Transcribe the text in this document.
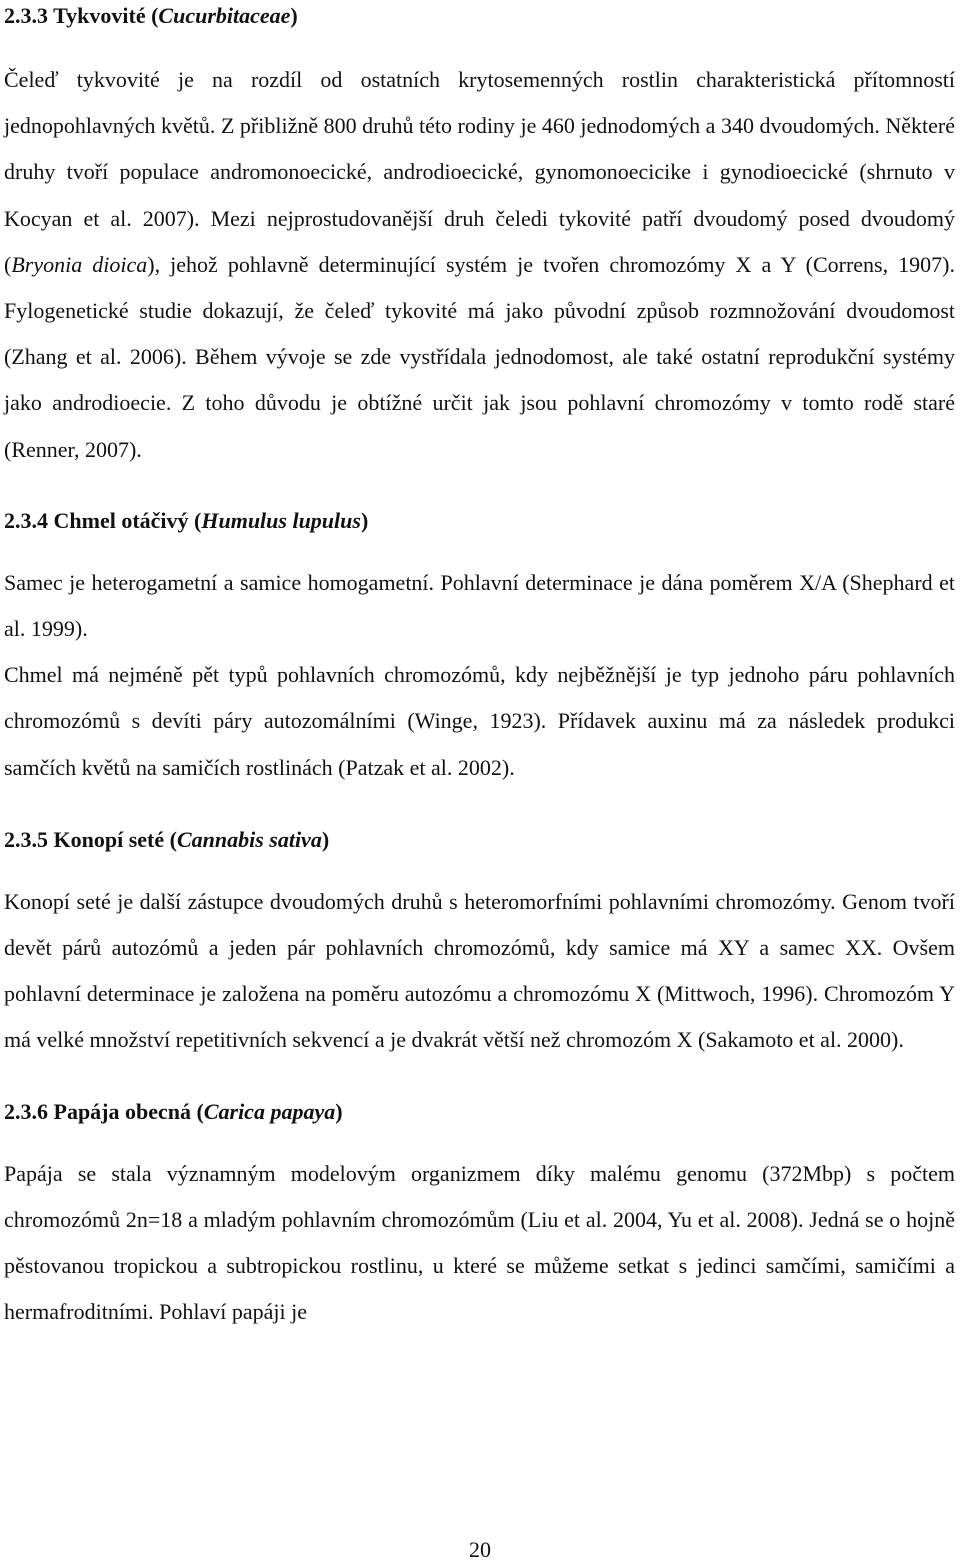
2.3.3 Tykvovité (Cucurbitaceae)

Čeleď tykvovité je na rozdíl od ostatních krytosemenných rostlin charakteristická přítomností jednopohlavných květů. Z přibližně 800 druhů této rodiny je 460 jednodomých a 340 dvoudomých. Některé druhy tvoří populace andromonoecické, androdioecické, gynomonoecicike i gynodioecické (shrnuto v Kocyan et al. 2007). Mezi nejprostudovanější druh čeledi tykovité patří dvoudomý posed dvoudomý (Bryonia dioica), jehož pohlavně determinující systém je tvořen chromozómy X a Y (Correns, 1907). Fylogenetické studie dokazují, že čeleď tykovité má jako původní způsob rozmnožování dvoudomost (Zhang et al. 2006). Během vývoje se zde vystřídala jednodomost, ale také ostatní reprodukční systémy jako androdioecie. Z toho důvodu je obtížné určit jak jsou pohlavní chromozómy v tomto rodě staré (Renner, 2007).

2.3.4 Chmel otáčivý (Humulus lupulus)

Samec je heterogametní a samice homogametní. Pohlavní determinace je dána poměrem X/A (Shephard et al. 1999).

Chmel má nejméně pět typů pohlavních chromozómů, kdy nejběžnější je typ jednoho páru pohlavních chromozómů s devíti páry autozomálními (Winge, 1923). Přídavek auxinu má za následek produkci samčích květů na samičích rostlinách (Patzak et al. 2002).

2.3.5 Konopí seté (Cannabis sativa)

Konopí seté je další zástupce dvoudomých druhů s heteromorfními pohlavními chromozómy. Genom tvoří devět párů autozómů a jeden pár pohlavních chromozómů, kdy samice má XY a samec XX. Ovšem pohlavní determinace je založena na poměru autozómu a chromozómu X (Mittwoch, 1996). Chromozóm Y má velké množství repetitivních sekvencí a je dvakrát větší než chromozóm X (Sakamoto et al. 2000).

2.3.6 Papája obecná (Carica papaya)

Papája se stala významným modelovým organizmem díky malému genomu (372Mbp) s počtem chromozómů 2n=18 a mladým pohlavním chromozómům (Liu et al. 2004, Yu et al. 2008). Jedná se o hojně pěstovanou tropickou a subtropickou rostlinu, u které se můžeme setkat s jedinci samčími, samičími a hermafroditními. Pohlaví papáji je

20
